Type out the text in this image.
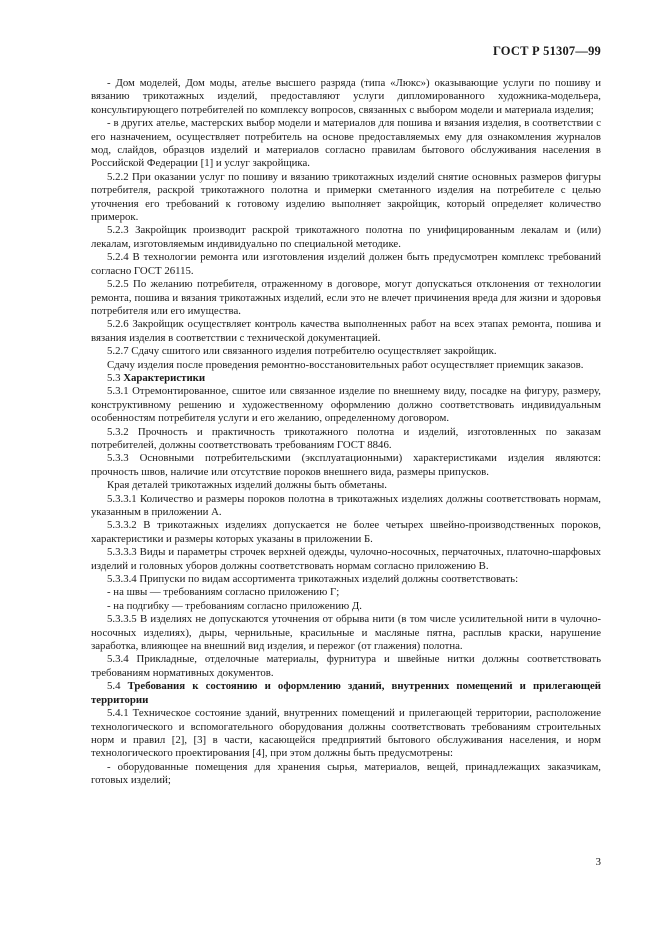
ГОСТ Р 51307—99

- Дом моделей, Дом моды, ателье высшего разряда (типа «Люкс») оказывающие услуги по пошиву и вязанию трикотажных изделий, предоставляют услуги дипломированного художника-модельера, консультирующего потребителей по комплексу вопросов, связанных с выбором модели и материала изделия;

- в других ателье, мастерских выбор модели и материалов для пошива и вязания изделия, в соответствии с его назначением, осуществляет потребитель на основе предоставляемых ему для ознакомления журналов мод, слайдов, образцов изделий и материалов согласно правилам бытового обслуживания населения в Российской Федерации [1] и услуг закройщика.

5.2.2 При оказании услуг по пошиву и вязанию трикотажных изделий снятие основных размеров фигуры потребителя, раскрой трикотажного полотна и примерки сметанного изделия на потребителе с целью уточнения его требований к готовому изделию выполняет закройщик, который определяет количество примерок.

5.2.3 Закройщик производит раскрой трикотажного полотна по унифицированным лекалам и (или) лекалам, изготовляемым индивидуально по специальной методике.

5.2.4 В технологии ремонта или изготовления изделий должен быть предусмотрен комплекс требований согласно ГОСТ 26115.

5.2.5 По желанию потребителя, отраженному в договоре, могут допускаться отклонения от технологии ремонта, пошива и вязания трикотажных изделий, если это не влечет причинения вреда для жизни и здоровья потребителя или его имущества.

5.2.6 Закройщик осуществляет контроль качества выполненных работ на всех этапах ремонта, пошива и вязания изделия в соответствии с технической документацией.

5.2.7 Сдачу сшитого или связанного изделия потребителю осуществляет закройщик.

Сдачу изделия после проведения ремонтно-восстановительных работ осуществляет приемщик заказов.

5.3 Характеристики

5.3.1 Отремонтированное, сшитое или связанное изделие по внешнему виду, посадке на фигуру, размеру, конструктивному решению и художественному оформлению должно соответствовать индивидуальным особенностям потребителя услуги и его желанию, определенному договором.

5.3.2 Прочность и практичность трикотажного полотна и изделий, изготовленных по заказам потребителей, должны соответствовать требованиям ГОСТ 8846.

5.3.3 Основными потребительскими (эксплуатационными) характеристиками изделия являются: прочность швов, наличие или отсутствие пороков внешнего вида, размеры припусков.

Края деталей трикотажных изделий должны быть обметаны.

5.3.3.1 Количество и размеры пороков полотна в трикотажных изделиях должны соответствовать нормам, указанным в приложении А.

5.3.3.2 В трикотажных изделиях допускается не более четырех швейно-производственных пороков, характеристики и размеры которых указаны в приложении Б.

5.3.3.3 Виды и параметры строчек верхней одежды, чулочно-носочных, перчаточных, платочно-шарфовых изделий и головных уборов должны соответствовать нормам согласно приложению В.

5.3.3.4 Припуски по видам ассортимента трикотажных изделий должны соответствовать:

- на швы — требованиям согласно приложению Г;

- на подгибку — требованиям согласно приложению Д.

5.3.3.5 В изделиях не допускаются уточнения от обрыва нити (в том числе усилительной нити в чулочно-носочных изделиях), дыры, чернильные, красильные и масляные пятна, расплыв краски, нарушение заработка, влияющее на внешний вид изделия, и пережог (от глажения) полотна.

5.3.4 Прикладные, отделочные материалы, фурнитура и швейные нитки должны соответствовать требованиям нормативных документов.

5.4 Требования к состоянию и оформлению зданий, внутренних помещений и прилегающей территории

5.4.1 Техническое состояние зданий, внутренних помещений и прилегающей территории, расположение технологического и вспомогательного оборудования должны соответствовать требованиям строительных норм и правил [2], [3] в части, касающейся предприятий бытового обслуживания населения, и норм технологического проектирования [4], при этом должны быть предусмотрены:

- оборудованные помещения для хранения сырья, материалов, вещей, принадлежащих заказчикам, готовых изделий;

3
